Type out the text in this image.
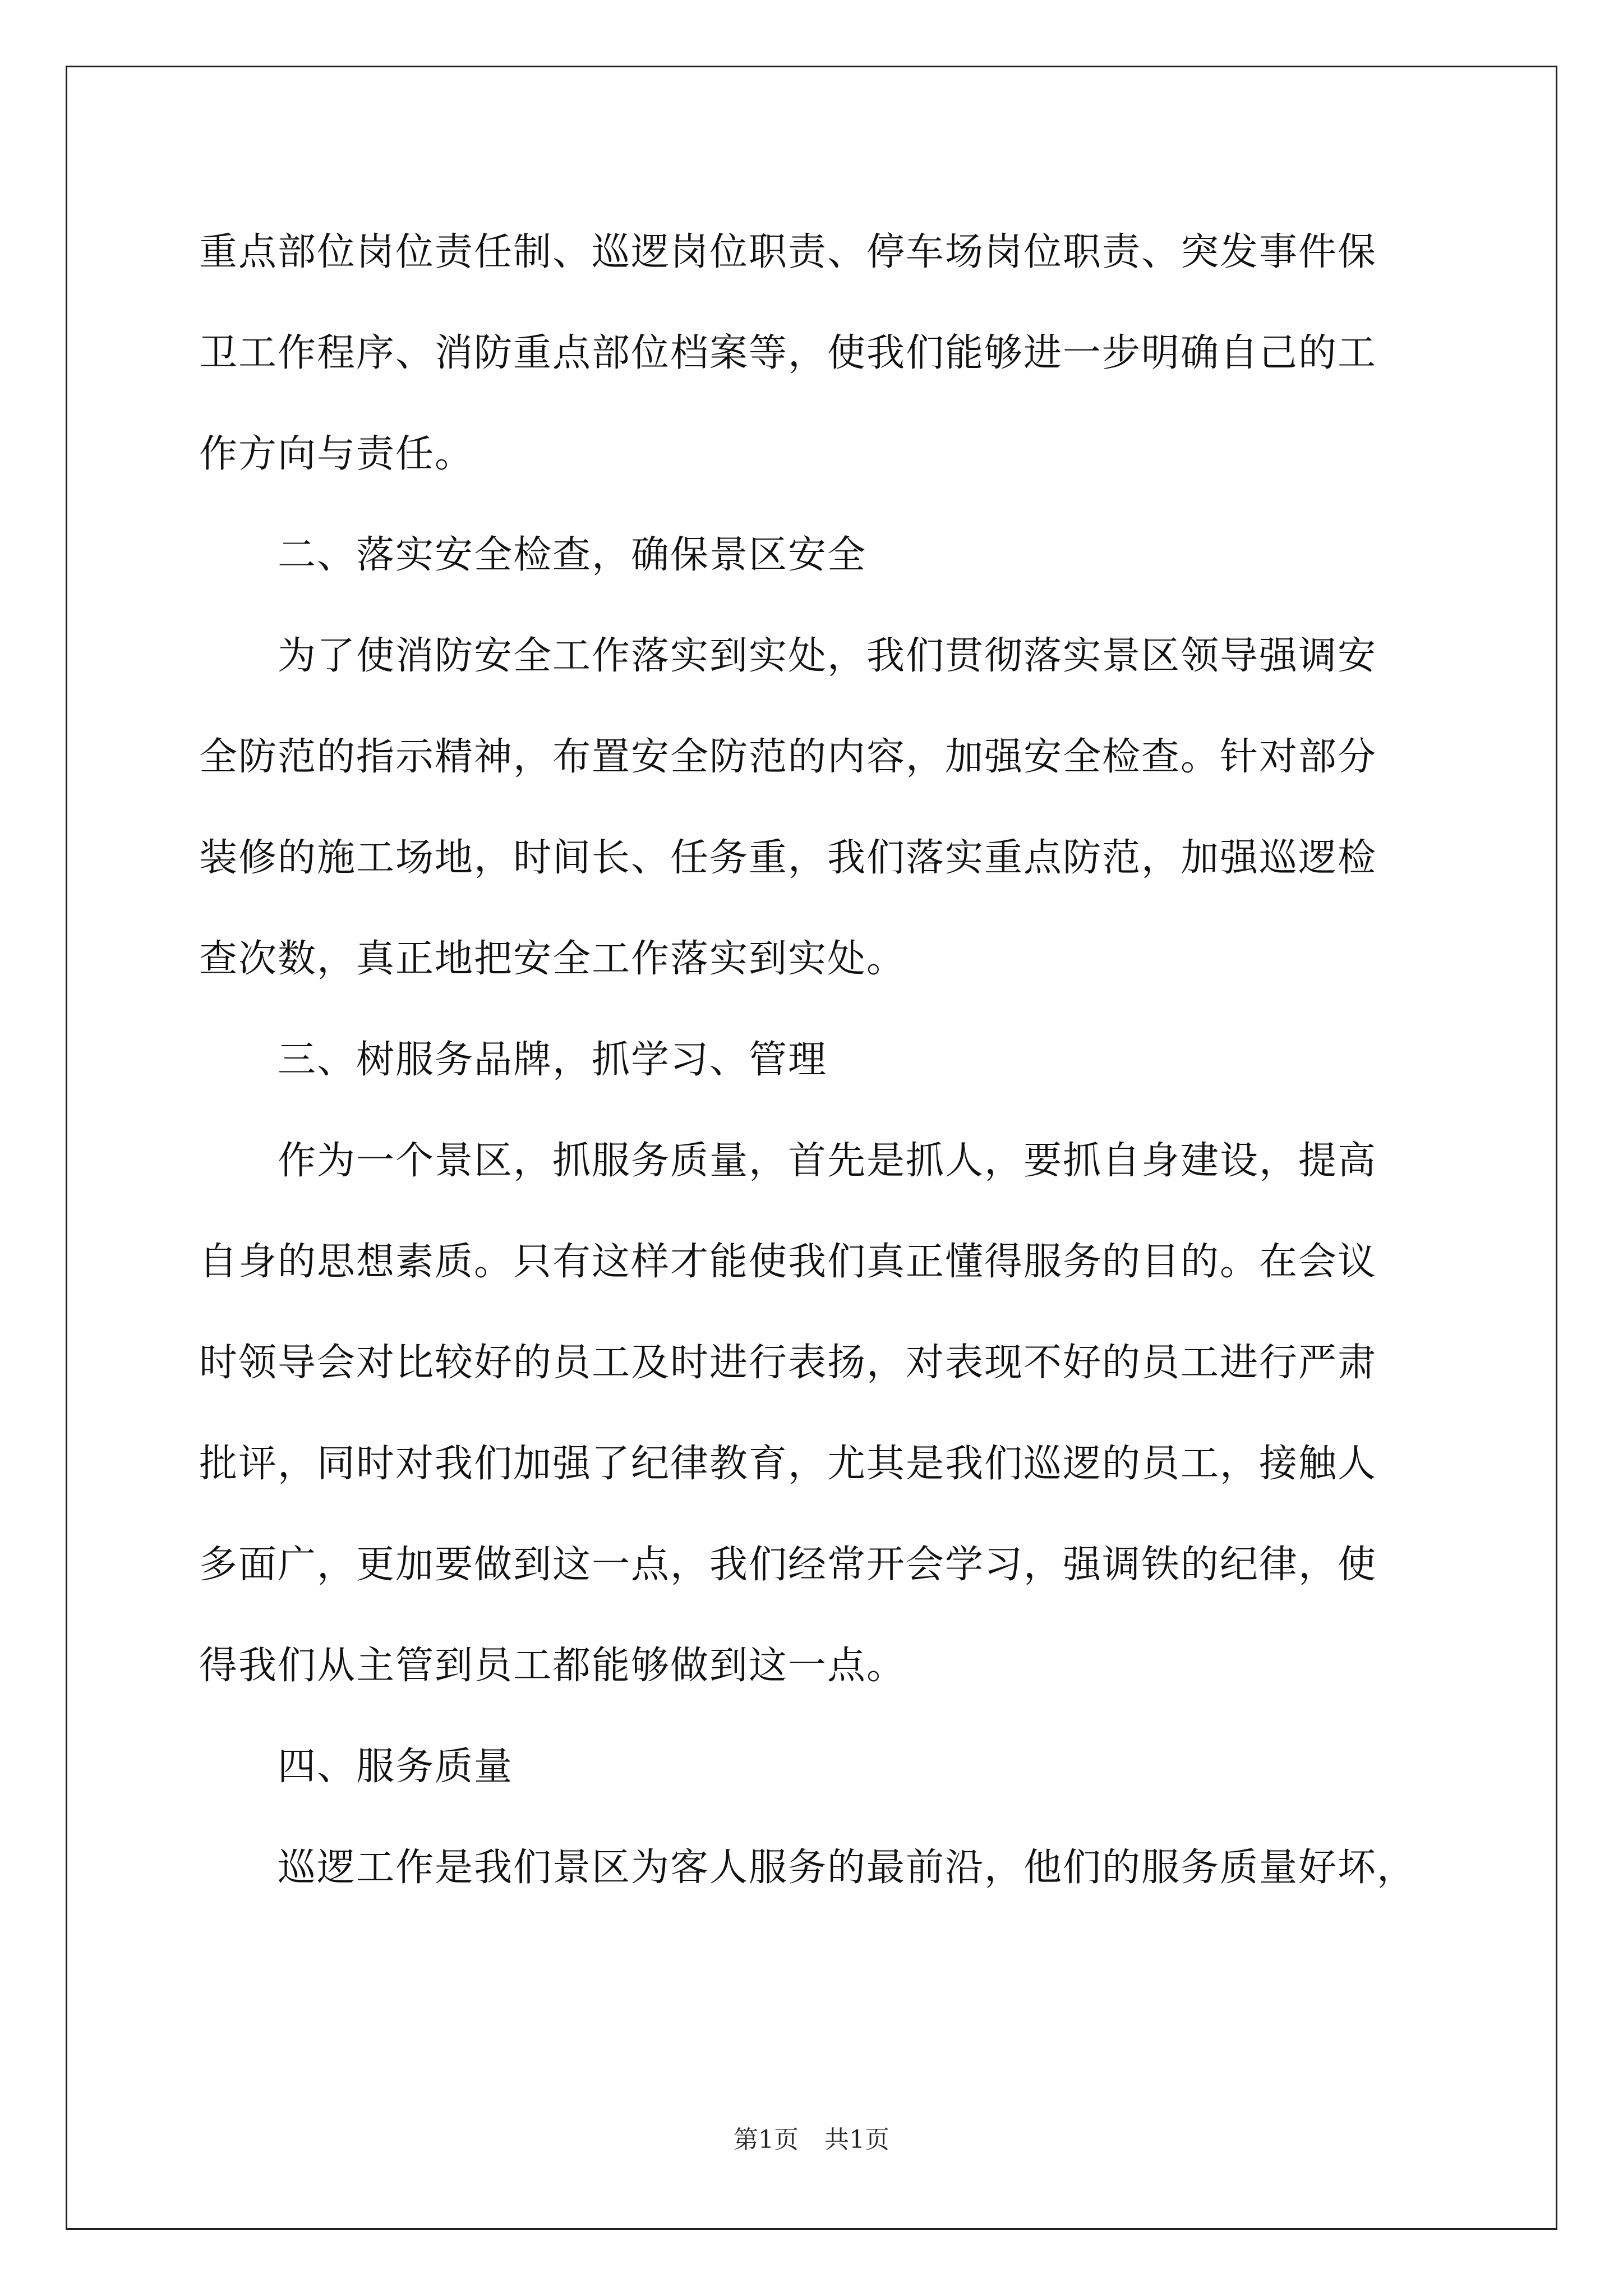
重点部位岗位责任制、巡逻岗位职责、停车场岗位职责、突发事件保
卫工作程序、消防重点部位档案等，使我们能够进一步明确自己的工
作方向与责任。
二、落实安全检查，确保景区安全
为了使消防安全工作落实到实处，我们贯彻落实景区领导强调安
全防范的指示精神，布置安全防范的内容，加强安全检查。针对部分
装修的施工场地，时间长、任务重，我们落实重点防范，加强巡逻检
查次数，真正地把安全工作落实到实处。
三、树服务品牌，抓学习、管理
作为一个景区，抓服务质量，首先是抓人，要抓自身建设，提高
自身的思想素质。只有这样才能使我们真正懂得服务的目的。在会议
时领导会对比较好的员工及时进行表扬，对表现不好的员工进行严肃
批评，同时对我们加强了纪律教育，尤其是我们巡逻的员工，接触人
多面广，更加要做到这一点，我们经常开会学习，强调铁的纪律，使
得我们从主管到员工都能够做到这一点。
四、服务质量
巡逻工作是我们景区为客人服务的最前沿，他们的服务质量好坏，
第1页 共1页
